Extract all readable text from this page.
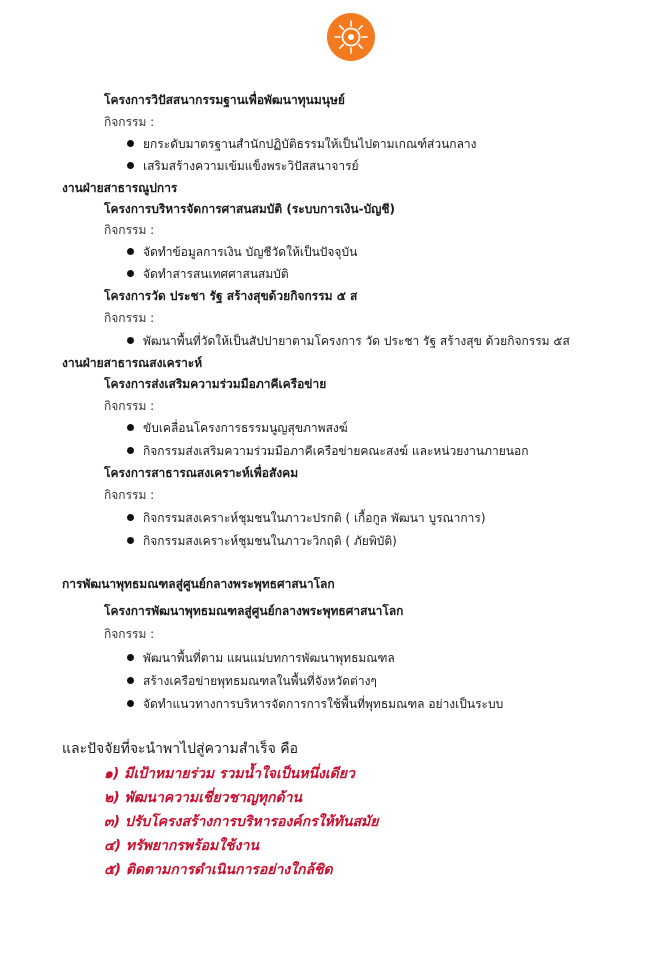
โครงการวิปัสสนากรรมฐานเพื่อพัฒนาทุนมนุษย์
กิจกรรม :
ยกระดับมาตรฐานสำนักปฏิบัติธรรมให้เป็นไปตามเกณฑ์ส่วนกลาง
เสริมสร้างความเข้มแข็งพระวิปัสสนาจารย์
งานฝ่ายสาธารณูปการ
โครงการบริหารจัดการศาสนสมบัติ (ระบบการเงิน-บัญชี)
กิจกรรม :
จัดทำข้อมูลการเงิน บัญชีวัดให้เป็นปัจจุบัน
จัดทำสารสนเทศศาสนสมบัติ
โครงการวัด ประชา รัฐ สร้างสุขด้วยกิจกรรม ๕ ส
กิจกรรม :
พัฒนาพื้นที่วัดให้เป็นสัปปายาตามโครงการ วัด ประชา รัฐ สร้างสุข ด้วยกิจกรรม ๕ส
งานฝ่ายสาธารณสงเคราะห์
โครงการส่งเสริมความร่วมมือภาคีเครือข่าย
กิจกรรม :
ขับเคลื่อนโครงการธรรมนูญสุขภาพสงฆ์
กิจกรรมส่งเสริมความร่วมมือภาคีเครือข่ายคณะสงฆ์ และหน่วยงานภายนอก
โครงการสาธารณสงเคราะห์เพื่อสังคม
กิจกรรม :
กิจกรรมสงเคราะห์ชุมชนในภาวะปรกติ ( เกื้อกูล พัฒนา บูรณาการ)
กิจกรรมสงเคราะห์ชุมชนในภาวะวิกฤติ ( ภัยพิบัติ)
การพัฒนาพุทธมณฑลสู่ศูนย์กลางพระพุทธศาสนาโลก
โครงการพัฒนาพุทธมณฑลสู่ศูนย์กลางพระพุทธศาสนาโลก
กิจกรรม :
พัฒนาพื้นที่ตาม แผนแม่บทการพัฒนาพุทธมณฑล
สร้างเครือข่ายพุทธมณฑลในพื้นที่จังหวัดต่างๆ
จัดทำแนวทางการบริหารจัดการการใช้พื้นที่พุทธมณฑล อย่างเป็นระบบ
และปัจจัยที่จะนำพาไปสู่ความสำเร็จ คือ
๑) มีเป้าหมายร่วม รวมน้ำใจเป็นหนึ่งเดียว
๒) พัฒนาความเชี่ยวชาญทุกด้าน
๓) ปรับโครงสร้างการบริหารองค์กรให้ทันสมัย
๔) ทรัพยากรพร้อมใช้งาน
๕) ติดตามการดำเนินการอย่างใกล้ชิด
